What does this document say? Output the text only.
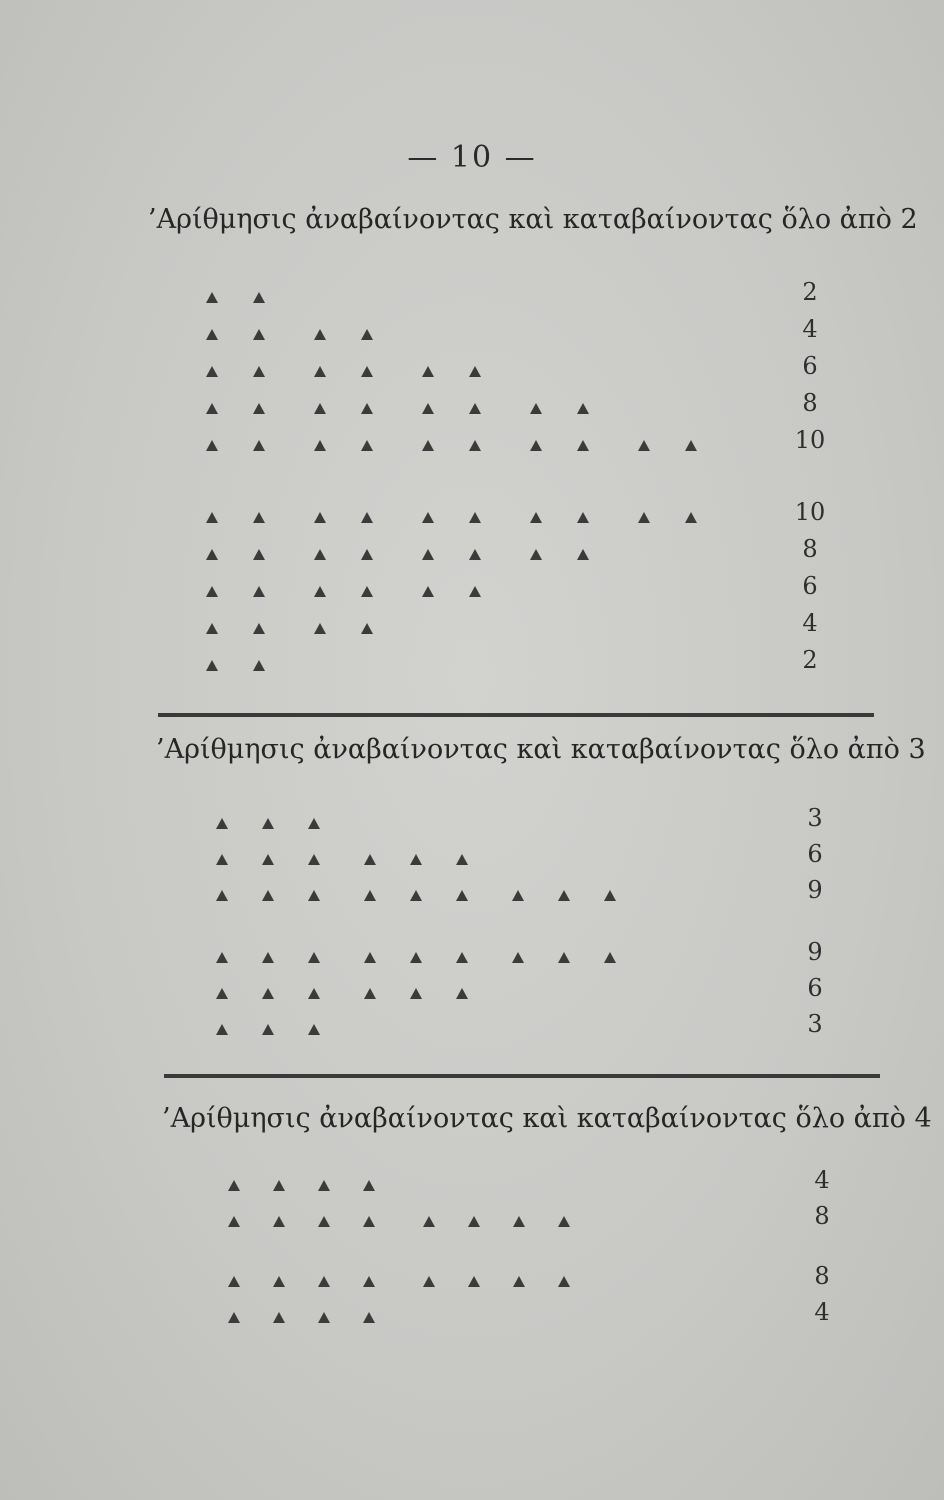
— 10 —
’Αρίθμησις ἀναβαίνοντας καὶ καταβαίνοντας ὅλο ἀπὸ 2
2
4
6
8
10
10
8
6
4
2
’Αρίθμησις ἀναβαίνοντας καὶ καταβαίνοντας ὅλο ἀπὸ 3
3
6
9
9
6
3
’Αρίθμησις ἀναβαίνοντας καὶ καταβαίνοντας ὅλο ἀπὸ 4
4
8
8
4
